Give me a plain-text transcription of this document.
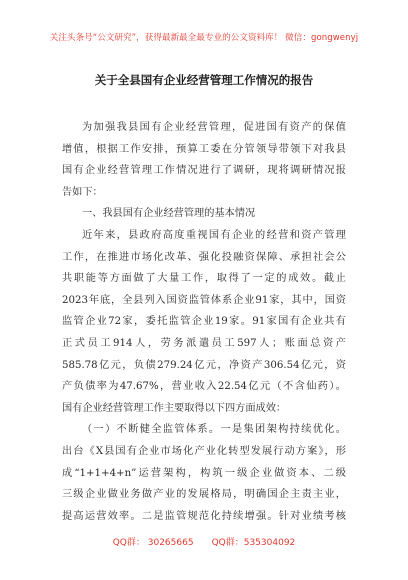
关注头条号“公文研究”，获得最新最全最专业的公文资料库！ 微信：gongwenyj
关于全县国有企业经营管理工作情况的报告
为加强我县国有企业经营管理，促进国有资产的保值
增值，根据工作安排，预算工委在分管领导带领下对我县
国有企业经营管理工作情况进行了调研，现将调研情况报
告如下：
一、我县国有企业经营管理的基本情况
近年来，县政府高度重视国有企业的经营和资产管理
工作，在推进市场化改革、强化投融资保障、承担社会公
共职能等方面做了大量工作，取得了一定的成效。截止
2023年底，全县列入国资监管体系企业91家，其中，国资
监管企业72家，委托监管企业19家。91家国有企业共有
正式员工914人，劳务派遣员工597人；账面总资产
585.78亿元，负债279.24亿元，净资产306.54亿元，资
产负债率为47.67%，营业收入22.54亿元（不含仙药）。
国有企业经营管理工作主要取得以下四方面成效：
（一）不断健全监管体系。一是集团架构持续优化。
出台《X县国有企业市场化产业化转型发展行动方案》，形
成“1+1+4+n”运营架构，构筑一级企业做资本、二级
三级企业做业务做产业的发展格局，明确国企主责主业，
提高运营效率。二是监管规范化持续增强。针对业绩考核
QQ群： 30265665 QQ群：535304092
